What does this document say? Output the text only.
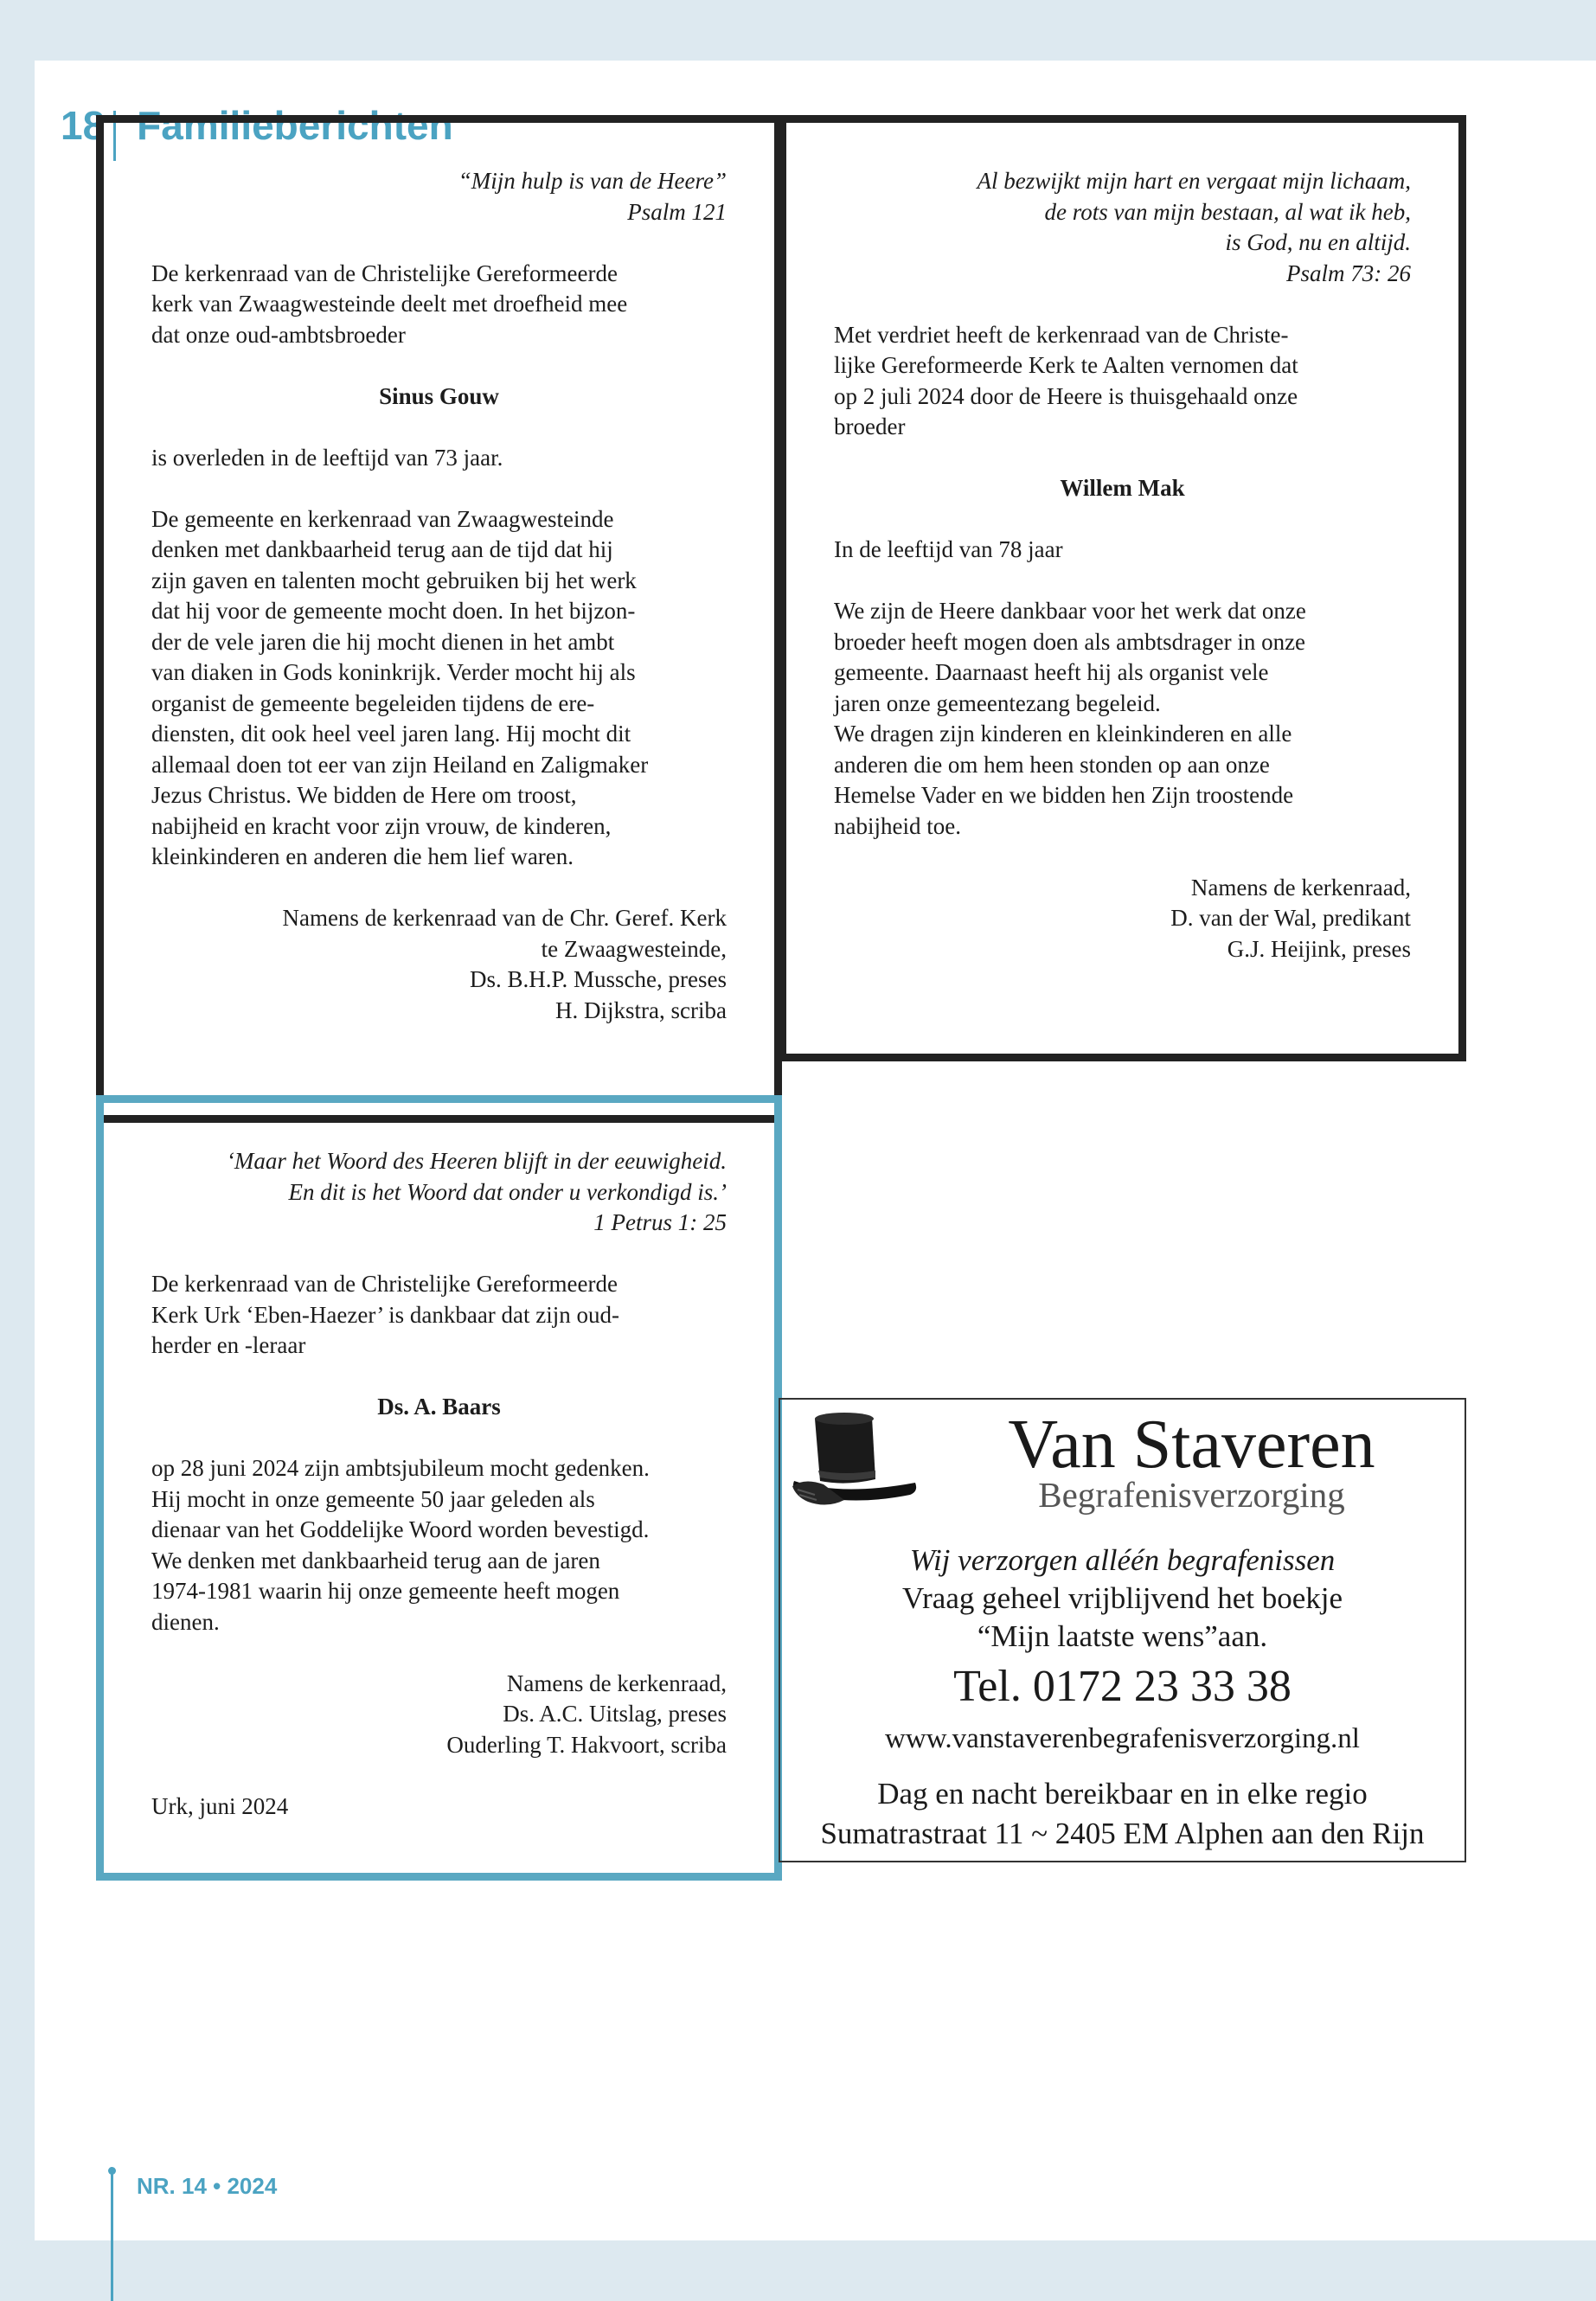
18 Familieberichten

“Mijn hulp is van de Heere”

Psalm 121

De kerkenraad van de Christelijke Gereformeerde

kerk van Zwaagwesteinde deelt met droefheid mee

dat onze oud-ambtsbroeder

Sinus Gouw

is overleden in de leeftijd van 73 jaar.

De gemeente en kerkenraad van Zwaagwesteinde

denken met dankbaarheid terug aan de tijd dat hij

zijn gaven en talenten mocht gebruiken bij het werk

dat hij voor de gemeente mocht doen. In het bijzon-

der de vele jaren die hij mocht dienen in het ambt

van diaken in Gods koninkrijk. Verder mocht hij als

organist de gemeente begeleiden tijdens de ere-

diensten, dit ook heel veel jaren lang. Hij mocht dit

allemaal doen tot eer van zijn Heiland en Zaligmaker

Jezus Christus. We bidden de Here om troost,

nabijheid en kracht voor zijn vrouw, de kinderen,

kleinkinderen en anderen die hem lief waren.

Namens de kerkenraad van de Chr. Geref. Kerk

te Zwaagwesteinde,

Ds. B.H.P. Mussche, preses

H. Dijkstra, scriba

Al bezwijkt mijn hart en vergaat mijn lichaam,

de rots van mijn bestaan, al wat ik heb,

is God, nu en altijd.

Psalm 73: 26

Met verdriet heeft de kerkenraad van de Christe-

lijke Gereformeerde Kerk te Aalten vernomen dat

op 2 juli 2024 door de Heere is thuisgehaald onze

broeder

Willem Mak

In de leeftijd van 78 jaar

We zijn de Heere dankbaar voor het werk dat onze

broeder heeft mogen doen als ambtsdrager in onze

gemeente. Daarnaast heeft hij als organist vele

jaren onze gemeentezang begeleid.

We dragen zijn kinderen en kleinkinderen en alle

anderen die om hem heen stonden op aan onze

Hemelse Vader en we bidden hen Zijn troostende

nabijheid toe.

Namens de kerkenraad,

D. van der Wal, predikant

G.J. Heijink, preses

‘Maar het Woord des Heeren blijft in der eeuwigheid.

En dit is het Woord dat onder u verkondigd is.’

1 Petrus 1: 25

De kerkenraad van de Christelijke Gereformeerde

Kerk Urk ‘Eben-Haezer’ is dankbaar dat zijn oud-

herder en -leraar

Ds. A. Baars

op 28 juni 2024 zijn ambtsjubileum mocht gedenken.

Hij mocht in onze gemeente 50 jaar geleden als

dienaar van het Goddelijke Woord worden bevestigd.

We denken met dankbaarheid terug aan de jaren

1974-1981 waarin hij onze gemeente heeft mogen

dienen.

Namens de kerkenraad,

Ds. A.C. Uitslag, preses

Ouderling T. Hakvoort, scriba

Urk, juni 2024

Van Staveren
Begrafenisverzorging
Wij verzorgen alléén begrafenissen
Vraag geheel vrijblijvend het boekje
“Mijn laatste wens”aan.
Tel. 0172 23 33 38
www.vanstaverenbegrafenisverzorging.nl
Dag en nacht bereikbaar en in elke regio
Sumatrastraat 11 ~ 2405 EM Alphen aan den Rijn
NR. 14 • 2024
